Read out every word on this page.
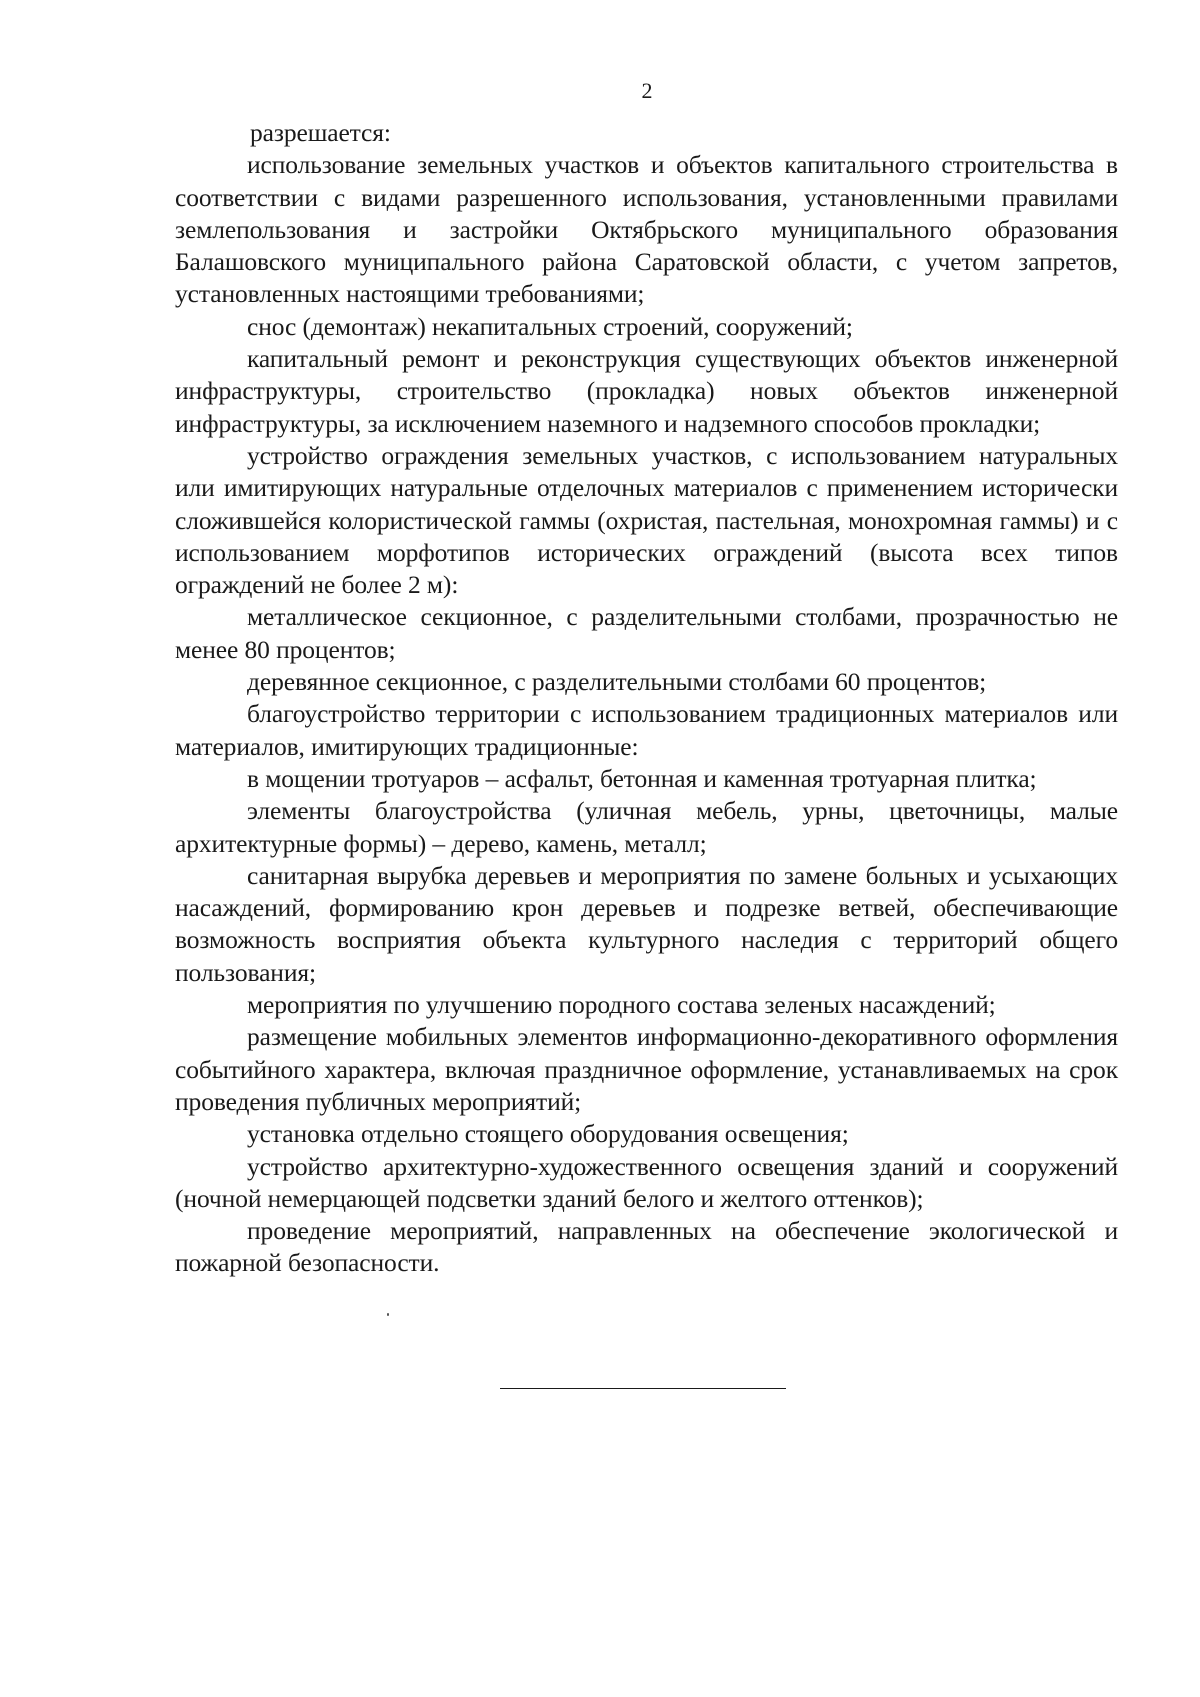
2

разрешается:

использование земельных участков и объектов капитального строительства в соответствии с видами разрешенного использования, установленными правилами землепользования и застройки Октябрьского муниципального образования Балашовского муниципального района Саратовской области, с учетом запретов, установленных настоящими требованиями;

снос (демонтаж) некапитальных строений, сооружений;

капитальный ремонт и реконструкция существующих объектов инженерной инфраструктуры, строительство (прокладка) новых объектов инженерной инфраструктуры, за исключением наземного и надземного способов прокладки;

устройство ограждения земельных участков, с использованием натуральных или имитирующих натуральные отделочных материалов с применением исторически сложившейся колористической гаммы (охристая, пастельная, монохромная гаммы) и с использованием морфотипов исторических ограждений (высота всех типов ограждений не более 2 м):

металлическое секционное, с разделительными столбами, прозрачностью не менее 80 процентов;

деревянное секционное, с разделительными столбами 60 процентов;

благоустройство территории с использованием традиционных материалов или материалов, имитирующих традиционные:

в мощении тротуаров – асфальт, бетонная и каменная тротуарная плитка;

элементы благоустройства (уличная мебель, урны, цветочницы, малые архитектурные формы) – дерево, камень, металл;

санитарная вырубка деревьев и мероприятия по замене больных и усыхающих насаждений, формированию крон деревьев и подрезке ветвей, обеспечивающие возможность восприятия объекта культурного наследия с территорий общего пользования;

мероприятия по улучшению породного состава зеленых насаждений;

размещение мобильных элементов информационно-декоративного оформления событийного характера, включая праздничное оформление, устанавливаемых на срок проведения публичных мероприятий;

установка отдельно стоящего оборудования освещения;

устройство архитектурно-художественного освещения зданий и сооружений (ночной немерцающей подсветки зданий белого и желтого оттенков);

проведение мероприятий, направленных на обеспечение экологической и пожарной безопасности.
